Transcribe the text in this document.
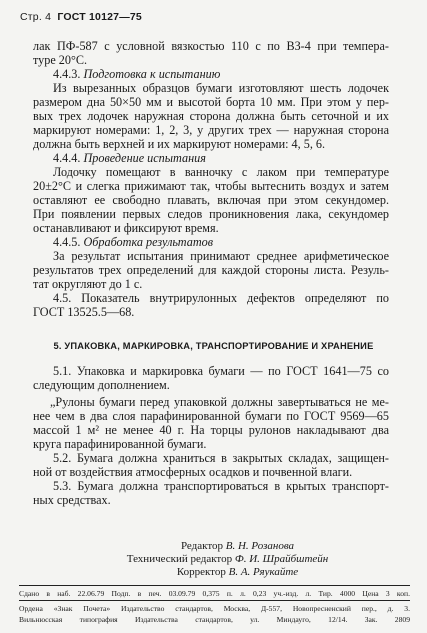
Стр. 4 ГОСТ 10127—75
лак ПФ-587 с условной вязкостью 110 с по ВЗ-4 при темпера-
туре 20°С.
4.4.3. Подготовка к испытанию
Из вырезанных образцов бумаги изготовляют шесть лодочек
размером дна 50×50 мм и высотой борта 10 мм. При этом у пер-
вых трех лодочек наружная сторона должна быть сеточной и их
маркируют номерами: 1, 2, 3, у других трех — наружная сторона
должна быть верхней и их маркируют номерами: 4, 5, 6.
4.4.4. Проведение испытания
Лодочку помещают в ванночку с лаком при температуре
20±2°С и слегка прижимают так, чтобы вытеснить воздух и затем
оставляют ее свободно плавать, включая при этом секундомер.
При появлении первых следов проникновения лака, секундомер
останавливают и фиксируют время.
4.4.5. Обработка результатов
За результат испытания принимают среднее арифметическое
результатов трех определений для каждой стороны листа. Резуль-
тат округляют до 1 с.
4.5. Показатель внутрирулонных дефектов определяют по
ГОСТ 13525.5—68.
5. УПАКОВКА, МАРКИРОВКА, ТРАНСПОРТИРОВАНИЕ И ХРАНЕНИЕ
5.1. Упаковка и маркировка бумаги — по ГОСТ 1641—75 со
следующим дополнением.
„Рулоны бумаги перед упаковкой должны завертываться не ме-
нее чем в два слоя парафинированной бумаги по ГОСТ 9569—65
массой 1 м² не менее 40 г. На торцы рулонов накладывают два
круга парафинированной бумаги.
5.2. Бумага должна храниться в закрытых складах, защищен-
ной от воздействия атмосферных осадков и почвенной влаги.
5.3. Бумага должна транспортироваться в крытых транспорт-
ных средствах.
Редактор В. Н. Розанова
Технический редактор Ф. И. Шрайбштейн
Корректор В. А. Ряукайте
Сдано в наб. 22.06.79 Подп. в печ. 03.09.79 0,375 п. л. 0,23 уч.-изд. л. Тир. 4000 Цена 3 коп.
Ордена «Знак Почета» Издательство стандартов, Москва, Д-557, Новопресненский пер., д. 3.
Вильнюсская типография Издательства стандартов, ул. Миндауго, 12/14. Зак. 2809
